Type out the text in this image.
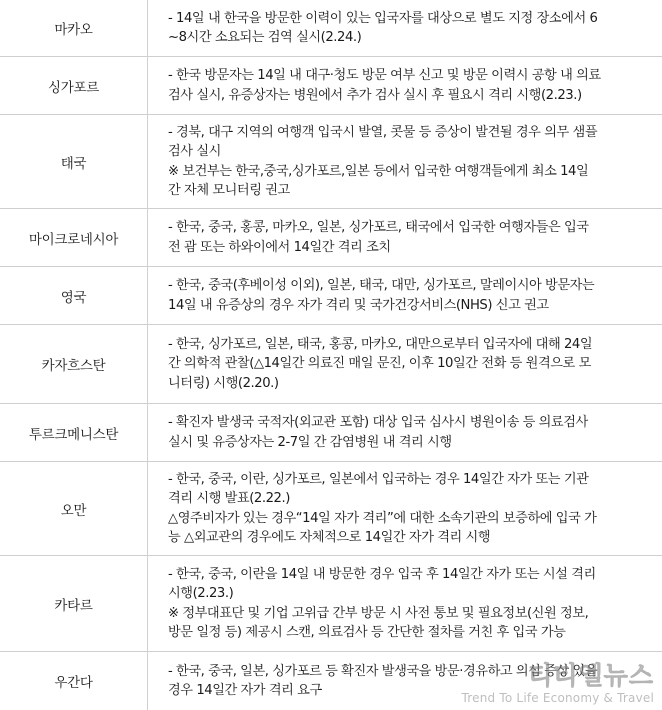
마카오
- 14일 내 한국을 방문한 이력이 있는 입국자를 대상으로 별도 지정 장소에서 6
~8시간 소요되는 검역 실시(2.24.)
싱가포르
- 한국 방문자는 14일 내 대구·청도 방문 여부 신고 및 방문 이력시 공항 내 의료
검사 실시, 유증상자는 병원에서 추가 검사 실시 후 필요시 격리 시행(2.23.)
태국
- 경북, 대구 지역의 여행객 입국시 발열, 콧물 등 증상이 발견될 경우 의무 샘플
검사 실시
※ 보건부는 한국,중국,싱가포르,일본 등에서 입국한 여행객들에게 최소 14일
간 자체 모니터링 권고
마이크로네시아
- 한국, 중국, 홍콩, 마카오, 일본, 싱가포르, 태국에서 입국한 여행자들은 입국
전 괌 또는 하와이에서 14일간 격리 조치
영국
- 한국, 중국(후베이성 이외), 일본, 태국, 대만, 싱가포르, 말레이시아 방문자는
14일 내 유증상의 경우 자가 격리 및 국가건강서비스(NHS) 신고 권고
카자흐스탄
- 한국, 싱가포르, 일본, 태국, 홍콩, 마카오, 대만으로부터 입국자에 대해 24일
간 의학적 관찰(△14일간 의료진 매일 문진, 이후 10일간 전화 등 원격으로 모
니터링) 시행(2.20.)
투르크메니스탄
- 확진자 발생국 국적자(외교관 포함) 대상 입국 심사시 병원이송 등 의료검사
실시 및 유증상자는 2-7일 간 감염병원 내 격리 시행
오만
- 한국, 중국, 이란, 싱가포르, 일본에서 입국하는 경우 14일간 자가 또는 기관
격리 시행 발표(2.22.)
△영주비자가 있는 경우“14일 자가 격리”에 대한 소속기관의 보증하에 입국 가
능 △외교관의 경우에도 자체적으로 14일간 자가 격리 시행
카타르
- 한국, 중국, 이란을 14일 내 방문한 경우 입국 후 14일간 자가 또는 시설 격리
시행(2.23.)
※ 정부대표단 및 기업 고위급 간부 방문 시 사전 통보 및 필요정보(신원 정보,
방문 일정 등) 제공시 스캔, 의료검사 등 간단한 절차를 거친 후 입국 가능
우간다
- 한국, 중국, 일본, 싱가포르 등 확진자 발생국을 방문·경유하고 의심 증상 있을
경우 14일간 자가 격리 요구
티티엘뉴스
Trend To Life Economy & Travel
